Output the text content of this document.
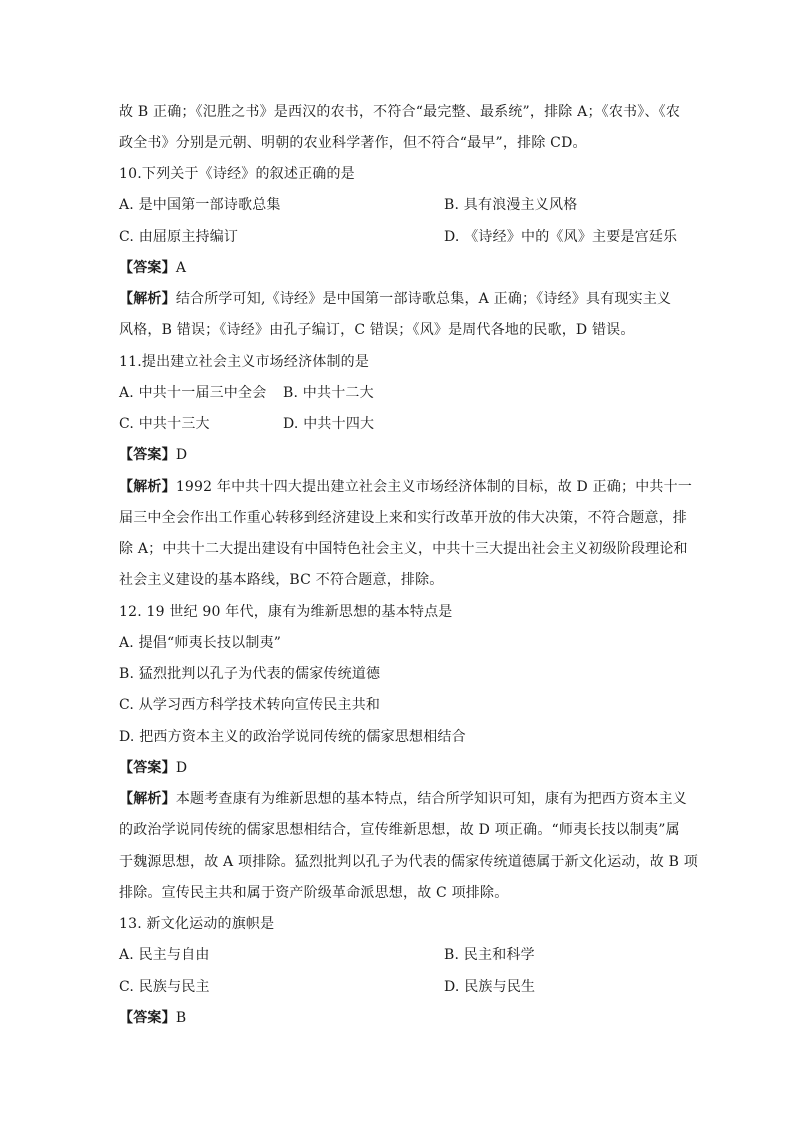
故 B 正确；《氾胜之书》是西汉的农书，不符合“最完整、最系统”，排除 A；《农书》、《农
政全书》分别是元朝、明朝的农业科学著作，但不符合“最早”，排除 CD。
10.下列关于《诗经》的叙述正确的是
A. 是中国第一部诗歌总集	B. 具有浪漫主义风格
C. 由屈原主持编订	D. 《诗经》中的《风》主要是宫廷乐
【答案】A
【解析】结合所学可知,《诗经》是中国第一部诗歌总集，A 正确；《诗经》具有现实主义
风格，B 错误；《诗经》由孔子编订，C 错误；《风》是周代各地的民歌，D 错误。
11.提出建立社会主义市场经济体制的是
A. 中共十一届三中全会 B. 中共十二大
C. 中共十三大	D. 中共十四大
【答案】D
【解析】1992 年中共十四大提出建立社会主义市场经济体制的目标，故 D 正确；中共十一
届三中全会作出工作重心转移到经济建设上来和实行改革开放的伟大决策，不符合题意，排
除 A；中共十二大提出建设有中国特色社会主义，中共十三大提出社会主义初级阶段理论和
社会主义建设的基本路线，BC 不符合题意，排除。
12. 19 世纪 90 年代，康有为维新思想的基本特点是
A. 提倡“师夷长技以制夷”
B. 猛烈批判以孔子为代表的儒家传统道德
C. 从学习西方科学技术转向宣传民主共和
D. 把西方资本主义的政治学说同传统的儒家思想相结合
【答案】D
【解析】本题考查康有为维新思想的基本特点，结合所学知识可知，康有为把西方资本主义
的政治学说同传统的儒家思想相结合，宣传维新思想，故 D 项正确。“师夷长技以制夷”属
于魏源思想，故 A 项排除。猛烈批判以孔子为代表的儒家传统道德属于新文化运动，故 B 项
排除。宣传民主共和属于资产阶级革命派思想，故 C 项排除。
13. 新文化运动的旗帜是
A. 民主与自由	B. 民主和科学
C. 民族与民主	D. 民族与民生
【答案】B
